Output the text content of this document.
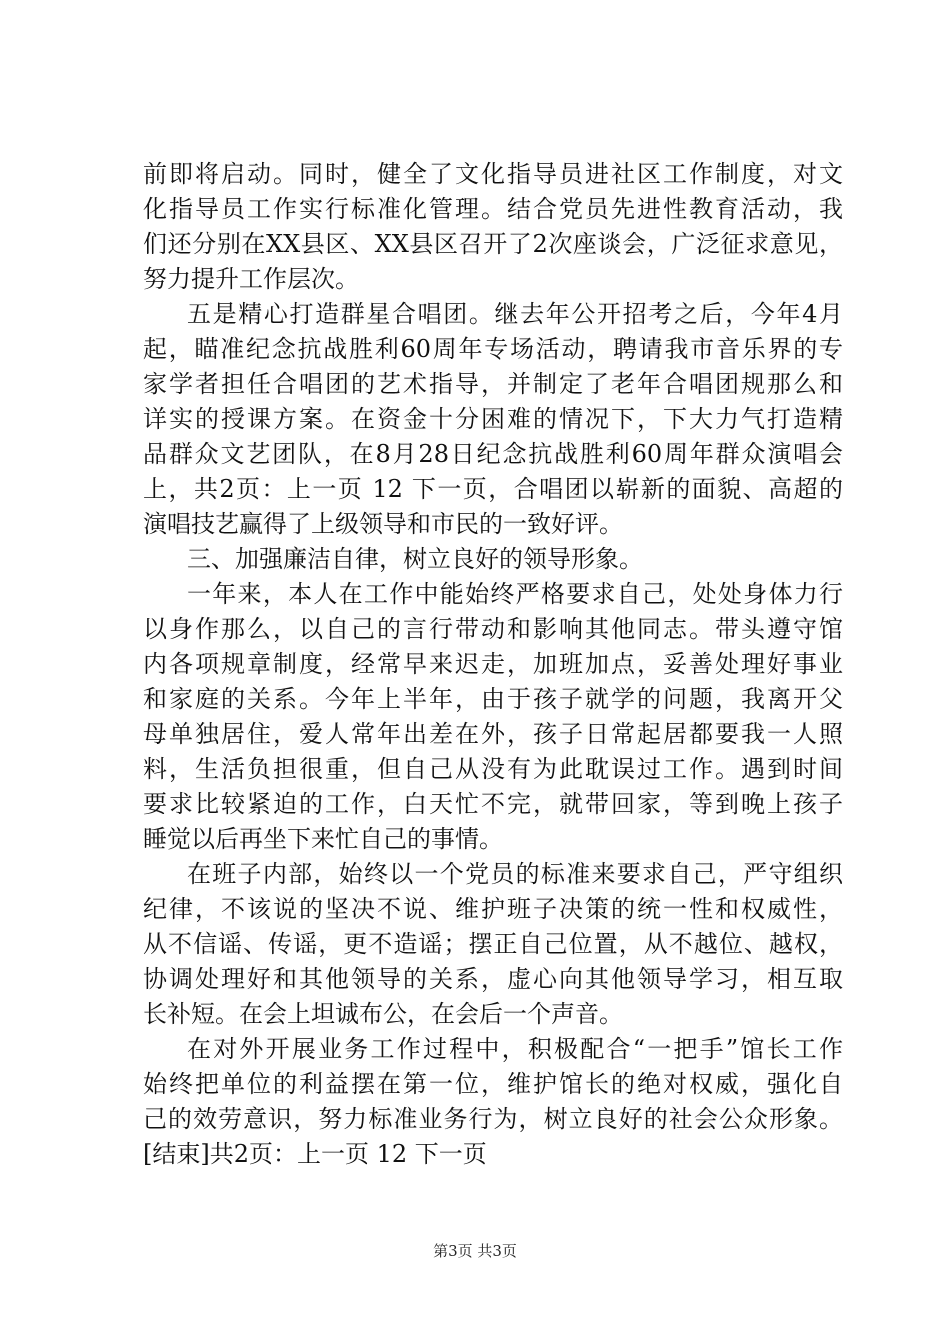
前即将启动。同时，健全了文化指导员进社区工作制度，对文
化指导员工作实行标准化管理。结合党员先进性教育活动，我
们还分别在XX县区、XX县区召开了2次座谈会，广泛征求意见，
努力提升工作层次。
五是精心打造群星合唱团。继去年公开招考之后，今年4月
起，瞄准纪念抗战胜利60周年专场活动，聘请我市音乐界的专
家学者担任合唱团的艺术指导，并制定了老年合唱团规那么和
详实的授课方案。在资金十分困难的情况下，下大力气打造精
品群众文艺团队，在8月28日纪念抗战胜利60周年群众演唱会
上，共2页：上一页 12 下一页，合唱团以崭新的面貌、高超的
演唱技艺赢得了上级领导和市民的一致好评。
三、加强廉洁自律，树立良好的领导形象。
一年来，本人在工作中能始终严格要求自己，处处身体力行
以身作那么，以自己的言行带动和影响其他同志。带头遵守馆
内各项规章制度，经常早来迟走，加班加点，妥善处理好事业
和家庭的关系。今年上半年，由于孩子就学的问题，我离开父
母单独居住，爱人常年出差在外，孩子日常起居都要我一人照
料，生活负担很重，但自己从没有为此耽误过工作。遇到时间
要求比较紧迫的工作，白天忙不完，就带回家，等到晚上孩子
睡觉以后再坐下来忙自己的事情。
在班子内部，始终以一个党员的标准来要求自己，严守组织
纪律，不该说的坚决不说、维护班子决策的统一性和权威性，
从不信谣、传谣，更不造谣；摆正自己位置，从不越位、越权，
协调处理好和其他领导的关系，虚心向其他领导学习，相互取
长补短。在会上坦诚布公，在会后一个声音。
在对外开展业务工作过程中，积极配合“一把手”馆长工作
始终把单位的利益摆在第一位，维护馆长的绝对权威，强化自
己的效劳意识，努力标准业务行为，树立良好的社会公众形象。
[结束]共2页：上一页 12 下一页
第3页 共3页
